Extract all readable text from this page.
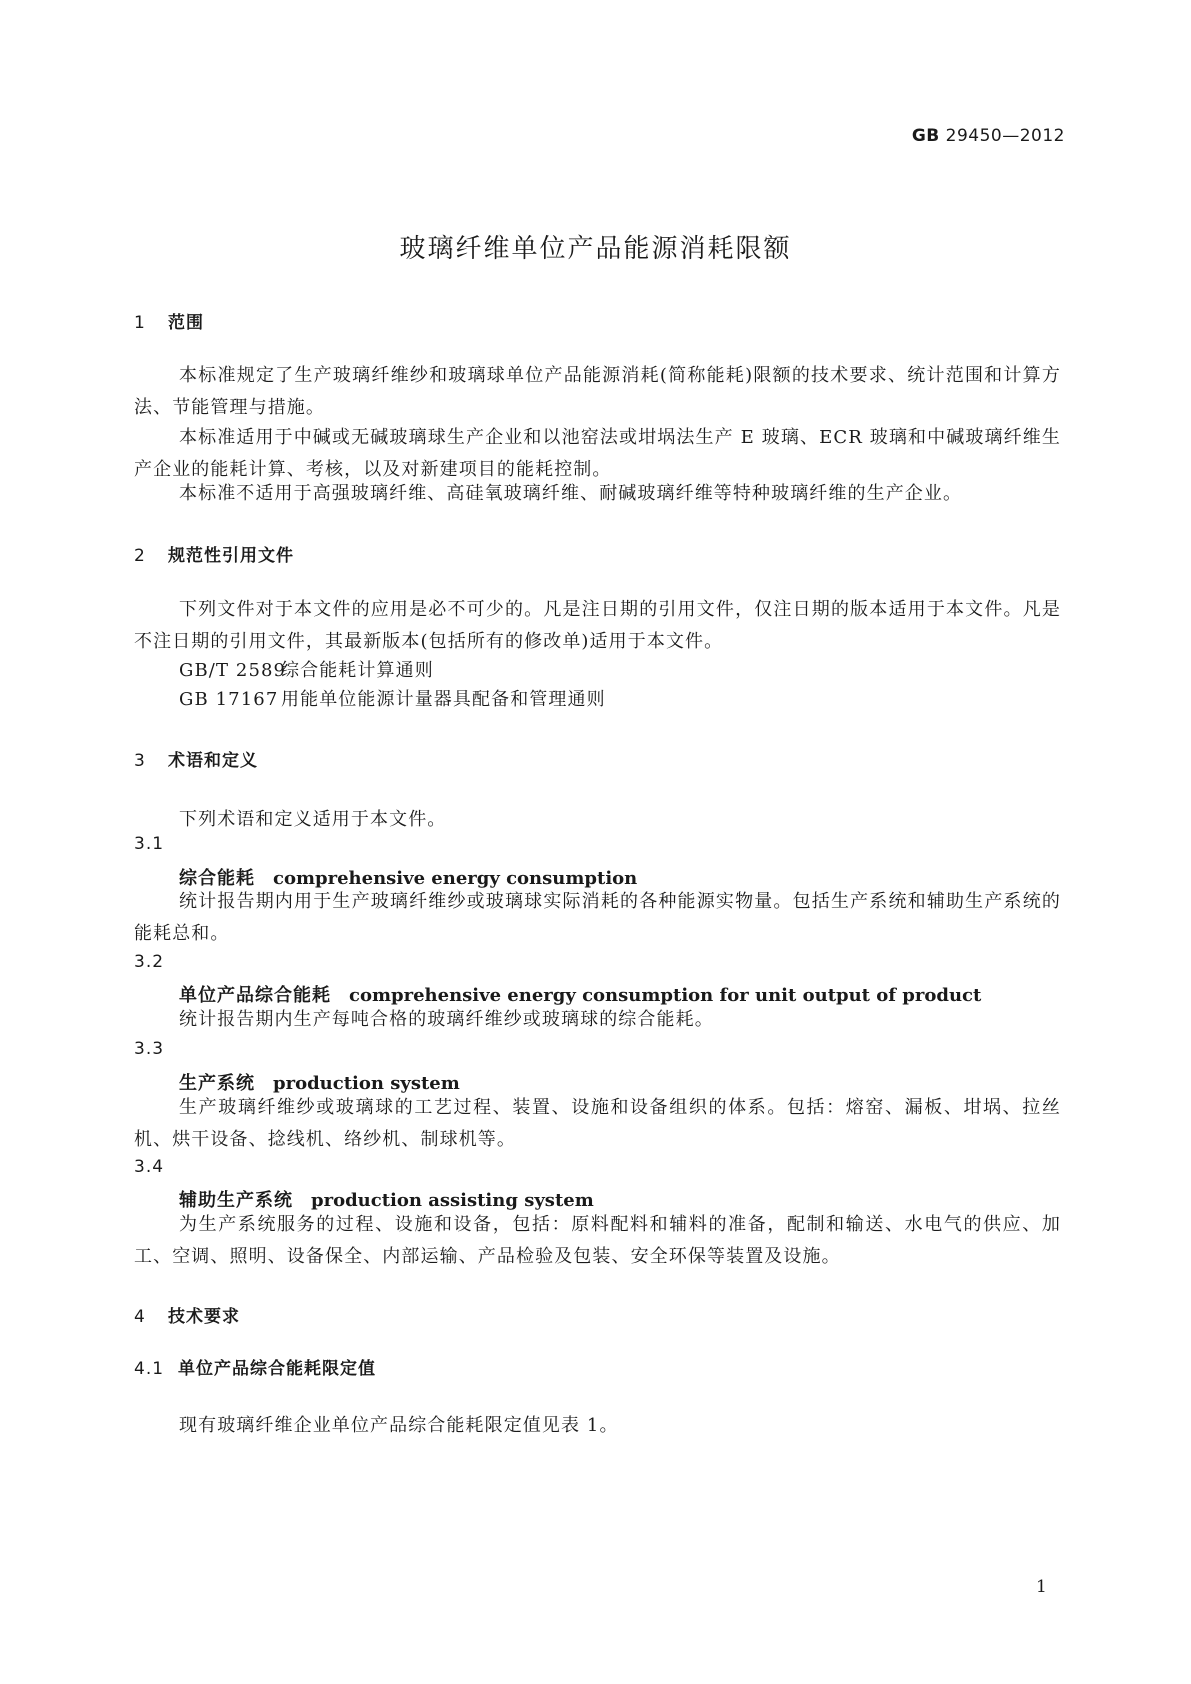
GB 29450—2012
玻璃纤维单位产品能源消耗限额
1 范围
本标准规定了生产玻璃纤维纱和玻璃球单位产品能源消耗(简称能耗)限额的技术要求、统计范围和计算方法、节能管理与措施。
本标准适用于中碱或无碱玻璃球生产企业和以池窑法或坩埚法生产 E 玻璃、ECR 玻璃和中碱玻璃纤维生产企业的能耗计算、考核，以及对新建项目的能耗控制。
本标准不适用于高强玻璃纤维、高硅氧玻璃纤维、耐碱玻璃纤维等特种玻璃纤维的生产企业。
2 规范性引用文件
下列文件对于本文件的应用是必不可少的。凡是注日期的引用文件，仅注日期的版本适用于本文件。凡是不注日期的引用文件，其最新版本(包括所有的修改单)适用于本文件。
GB/T 2589综合能耗计算通则
GB 17167 用能单位能源计量器具配备和管理通则
3 术语和定义
下列术语和定义适用于本文件。
3.1
综合能耗 comprehensive energy consumption
统计报告期内用于生产玻璃纤维纱或玻璃球实际消耗的各种能源实物量。包括生产系统和辅助生产系统的能耗总和。
3.2
单位产品综合能耗 comprehensive energy consumption for unit output of product
统计报告期内生产每吨合格的玻璃纤维纱或玻璃球的综合能耗。
3.3
生产系统 production system
生产玻璃纤维纱或玻璃球的工艺过程、装置、设施和设备组织的体系。包括：熔窑、漏板、坩埚、拉丝机、烘干设备、捻线机、络纱机、制球机等。
3.4
辅助生产系统 production assisting system
为生产系统服务的过程、设施和设备，包括：原料配料和辅料的准备，配制和输送、水电气的供应、加工、空调、照明、设备保全、内部运输、产品检验及包装、安全环保等装置及设施。
4 技术要求
4.1 单位产品综合能耗限定值
现有玻璃纤维企业单位产品综合能耗限定值见表 1。
1
